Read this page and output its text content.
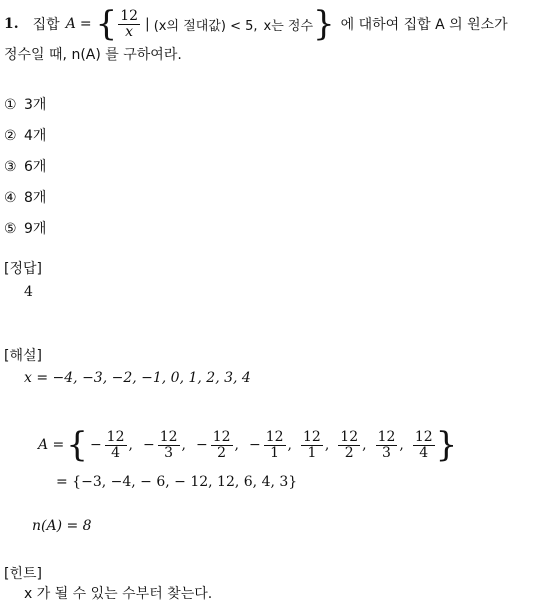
1. 집합 A = { $\frac{12}{x}$ | (x의 절대값) < 5, x는 정수 } 에 대하여 집합 A 의 원소가
정수일 때, n(A) 를 구하여라.
① 3개
② 4개
③ 6개
④ 8개
⑤ 9개
[정답]
4
[해설]
x = −4, −3, −2, −1, 0, 1, 2, 3, 4
A = { − $\frac{12}{4}$ , − $\frac{12}{3}$ , − $\frac{12}{2}$ , − $\frac{12}{1}$ , $\frac{12}{1}$ , $\frac{12}{2}$ , $\frac{12}{3}$ , $\frac{12}{4}$ }
= {−3, −4, − 6, − 12, 12, 6, 4, 3}
n(A) = 8
[힌트]
x 가 될 수 있는 수부터 찾는다.
